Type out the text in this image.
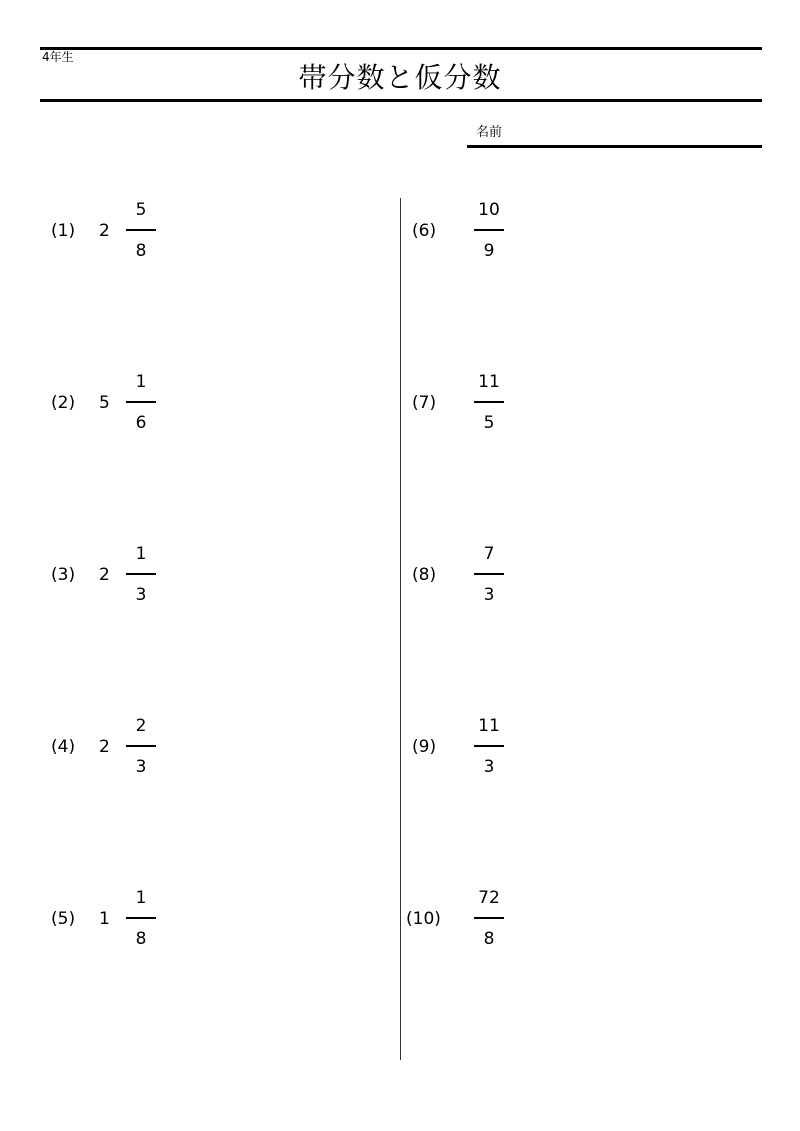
4年生
帯分数と仮分数
名前
(1) 2
5
8
(2) 5
1
6
(3) 2
1
3
(4) 2
2
3
(5) 1
1
8
(6)
10
9
(7)
11
5
(8)
7
3
(9)
11
3
(10)
72
8
